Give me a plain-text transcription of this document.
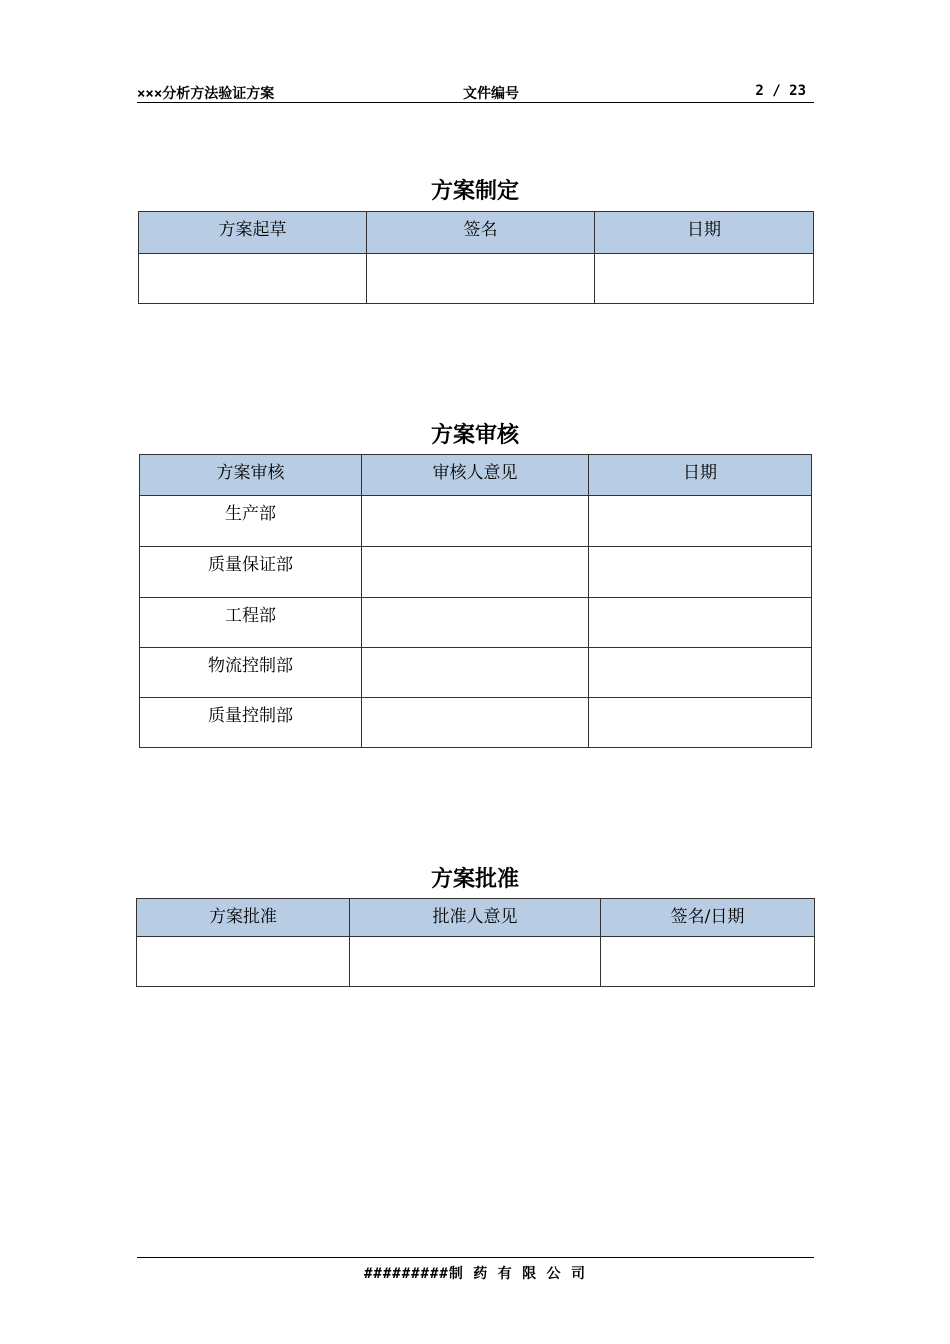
×××分析方法验证方案	文件编号	2 / 23
方案制定
方案起草	签名	日期

方案审核
方案审核	审核人意见	日期
生产部		
质量保证部		
工程部		
物流控制部		
质量控制部		
方案批准
方案批准	批准人意见	签名/日期

#########制 药 有 限 公 司
